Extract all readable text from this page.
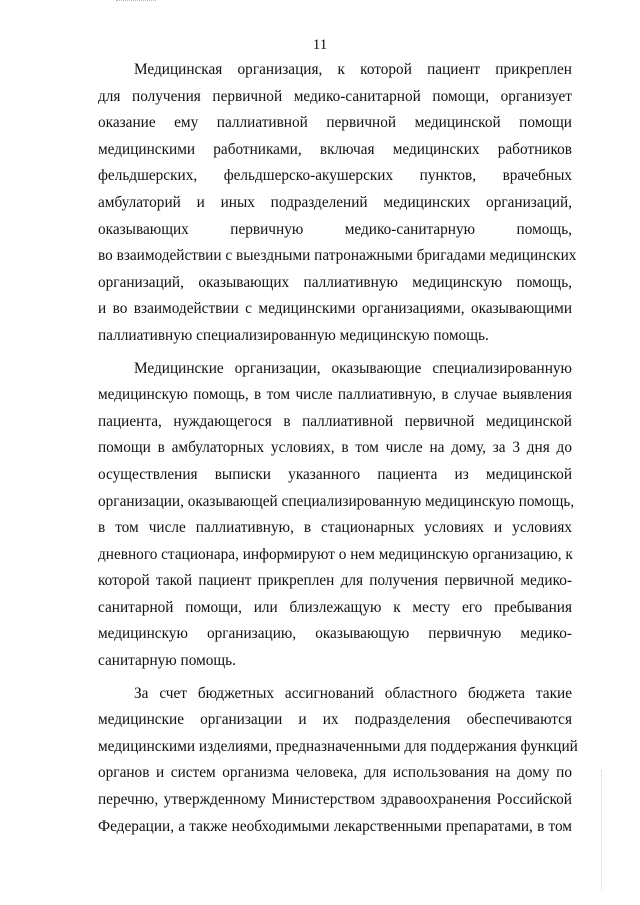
11
Медицинская организация, к которой пациент прикреплен
для получения первичной медико-санитарной помощи, организует
оказание ему паллиативной первичной медицинской помощи
медицинскими работниками, включая медицинских работников
фельдшерских, фельдшерско-акушерских пунктов, врачебных
амбулаторий и иных подразделений медицинских организаций,
оказывающих первичную медико-санитарную помощь,
во взаимодействии с выездными патронажными бригадами медицинских
организаций, оказывающих паллиативную медицинскую помощь,
и во взаимодействии с медицинскими организациями, оказывающими
паллиативную специализированную медицинскую помощь.
Медицинские организации, оказывающие специализированную
медицинскую помощь, в том числе паллиативную, в случае выявления
пациента, нуждающегося в паллиативной первичной медицинской
помощи в амбулаторных условиях, в том числе на дому, за 3 дня до
осуществления выписки указанного пациента из медицинской
организации, оказывающей специализированную медицинскую помощь,
в том числе паллиативную, в стационарных условиях и условиях
дневного стационара, информируют о нем медицинскую организацию, к
которой такой пациент прикреплен для получения первичной медико-
санитарной помощи, или близлежащую к месту его пребывания
медицинскую организацию, оказывающую первичную медико-
санитарную помощь.
За счет бюджетных ассигнований областного бюджета такие
медицинские организации и их подразделения обеспечиваются
медицинскими изделиями, предназначенными для поддержания функций
органов и систем организма человека, для использования на дому по
перечню, утвержденному Министерством здравоохранения Российской
Федерации, а также необходимыми лекарственными препаратами, в том
